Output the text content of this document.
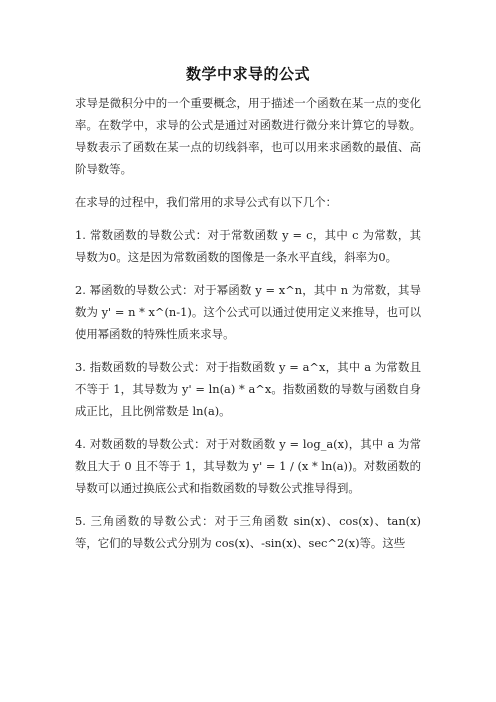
数学中求导的公式

求导是微积分中的一个重要概念，用于描述一个函数在某一点的变化率。在数学中，求导的公式是通过对函数进行微分来计算它的导数。导数表示了函数在某一点的切线斜率，也可以用来求函数的最值、高阶导数等。

在求导的过程中，我们常用的求导公式有以下几个：

1. 常数函数的导数公式：对于常数函数 y = c，其中 c 为常数，其导数为0。这是因为常数函数的图像是一条水平直线，斜率为0。

2. 幂函数的导数公式：对于幂函数 y = x^n，其中 n 为常数，其导数为 y' = n * x^(n-1)。这个公式可以通过使用定义来推导，也可以使用幂函数的特殊性质来求导。

3. 指数函数的导数公式：对于指数函数 y = a^x，其中 a 为常数且不等于 1，其导数为 y' = ln(a) * a^x。指数函数的导数与函数自身成正比，且比例常数是 ln(a)。

4. 对数函数的导数公式：对于对数函数 y = log_a(x)，其中 a 为常数且大于 0 且不等于 1，其导数为 y' = 1 / (x * ln(a))。对数函数的导数可以通过换底公式和指数函数的导数公式推导得到。

5. 三角函数的导数公式：对于三角函数 sin(x)、cos(x)、tan(x)等，它们的导数公式分别为 cos(x)、-sin(x)、sec^2(x)等。这些
